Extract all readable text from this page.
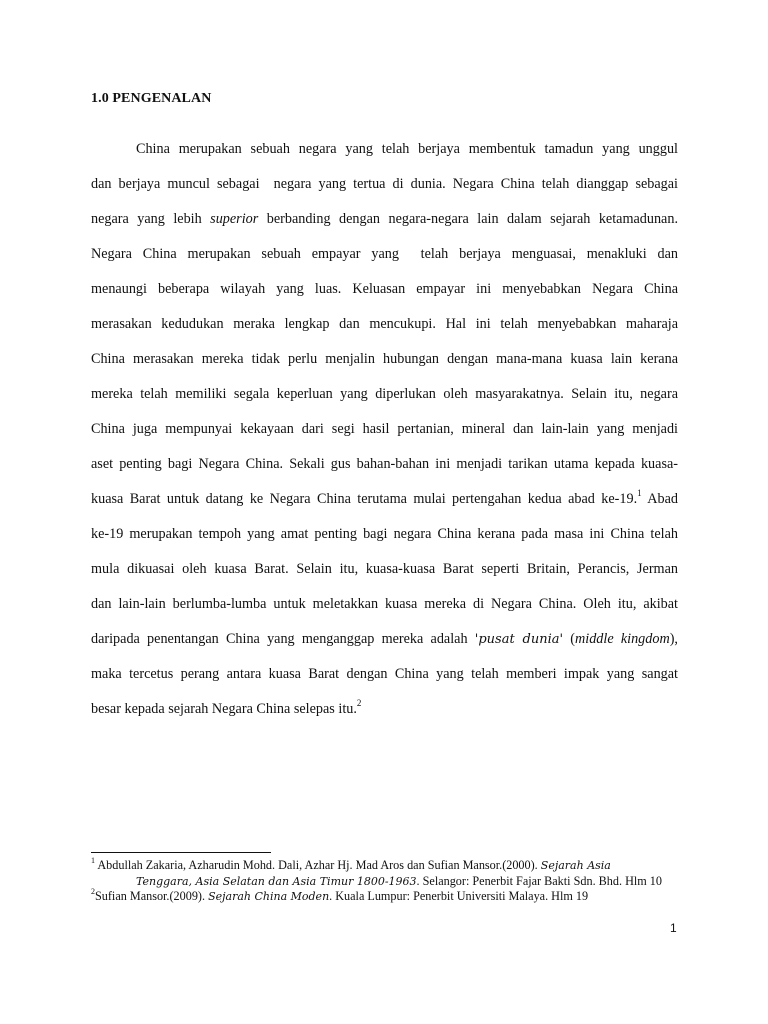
1.0 PENGENALAN
China merupakan sebuah negara yang telah berjaya membentuk tamadun yang unggul
dan berjaya muncul sebagai  negara yang tertua di dunia. Negara China telah dianggap sebagai
negara yang lebih superior berbanding dengan negara-negara lain dalam sejarah ketamadunan.
Negara China merupakan sebuah empayar yang  telah berjaya menguasai, menakluki dan
menaungi beberapa wilayah yang luas. Keluasan empayar ini menyebabkan Negara China
merasakan kedudukan meraka lengkap dan mencukupi. Hal ini telah menyebabkan maharaja
China merasakan mereka tidak perlu menjalin hubungan dengan mana-mana kuasa lain kerana
mereka telah memiliki segala keperluan yang diperlukan oleh masyarakatnya. Selain itu, negara
China juga mempunyai kekayaan dari segi hasil pertanian, mineral dan lain-lain yang menjadi
aset penting bagi Negara China. Sekali gus bahan-bahan ini menjadi tarikan utama kepada kuasa-
kuasa Barat untuk datang ke Negara China terutama mulai pertengahan kedua abad ke-19.$^1$ Abad
ke-19 merupakan tempoh yang amat penting bagi negara China kerana pada masa ini China telah
mula dikuasai oleh kuasa Barat. Selain itu, kuasa-kuasa Barat seperti Britain, Perancis, Jerman
dan lain-lain berlumba-lumba untuk meletakkan kuasa mereka di Negara China. Oleh itu, akibat
daripada penentangan China yang menganggap mereka adalah 'pusat dunia' (middle kingdom),
maka tercetus perang antara kuasa Barat dengan China yang telah memberi impak yang sangat
besar kepada sejarah Negara China selepas itu.$^2$
$^1$ Abdullah Zakaria, Azharudin Mohd. Dali, Azhar Hj. Mad Aros dan Sufian Mansor.(2000). Sejarah Asia
Tenggara, Asia Selatan dan Asia Timur 1800-1963. Selangor: Penerbit Fajar Bakti Sdn. Bhd. Hlm 10
$^2$Sufian Mansor.(2009). Sejarah China Moden. Kuala Lumpur: Penerbit Universiti Malaya. Hlm 19
1
